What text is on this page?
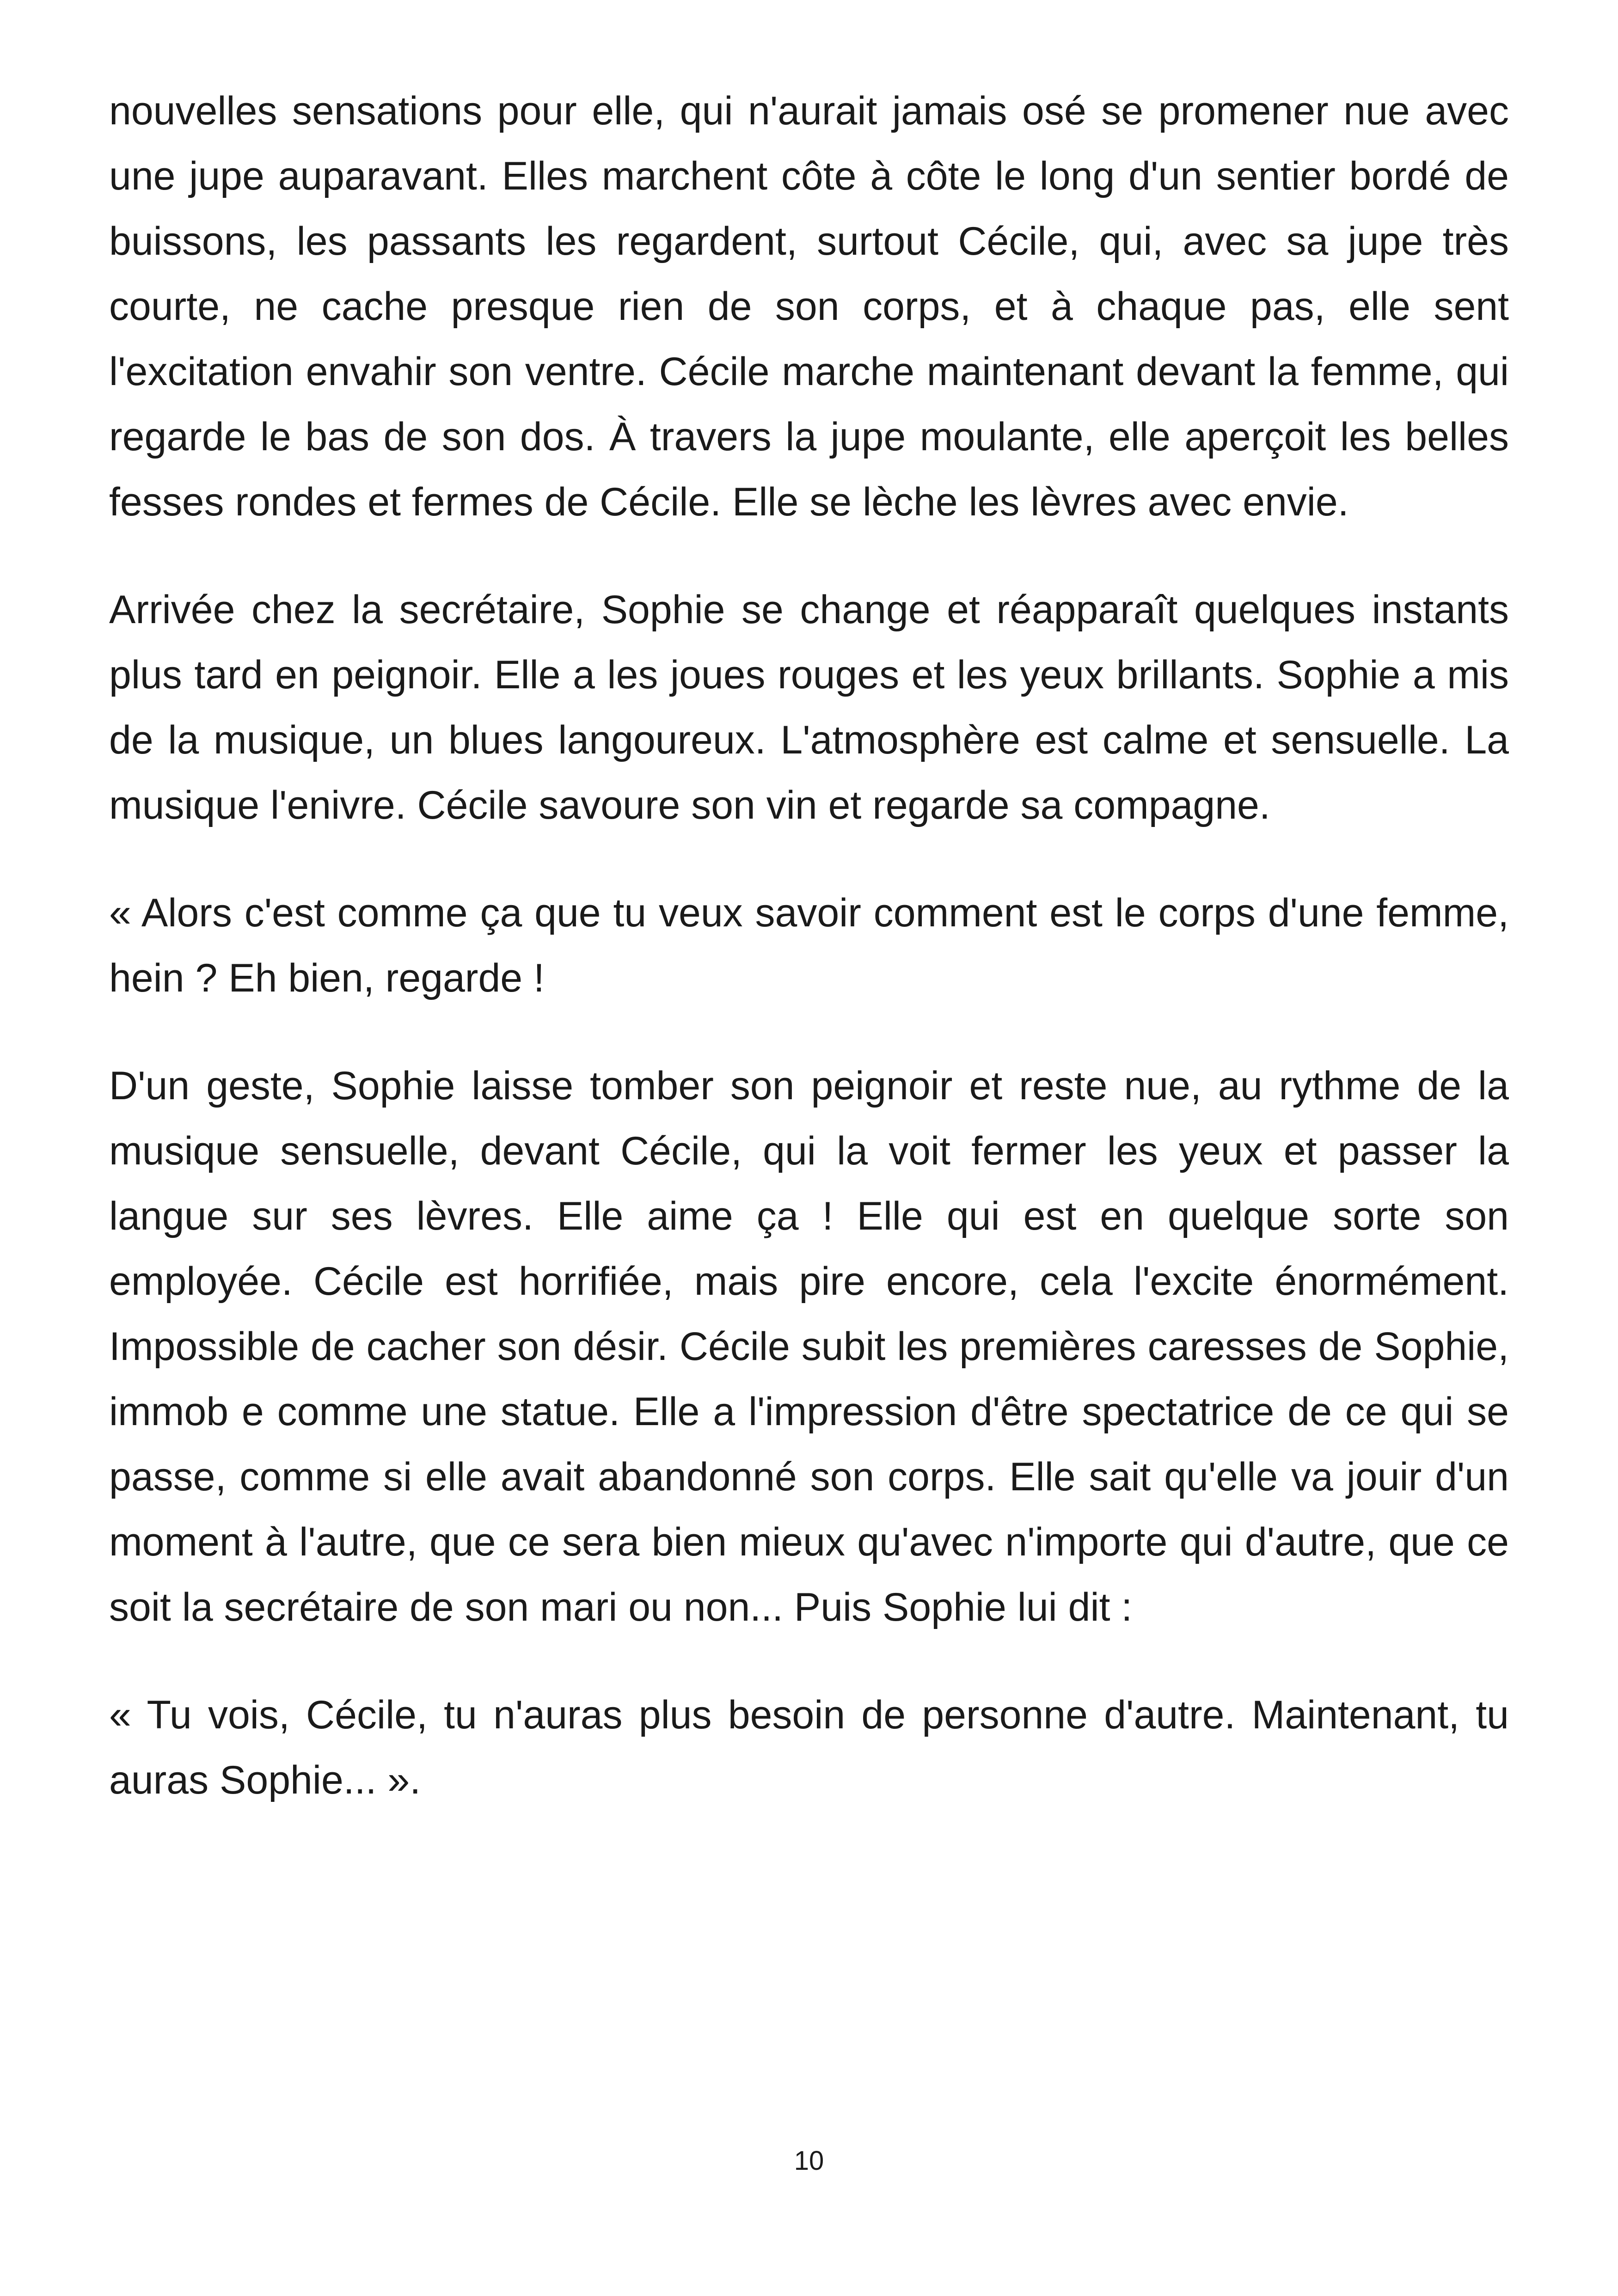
nouvelles sensations pour elle, qui n'aurait jamais osé se promener nue avec une jupe auparavant. Elles marchent côte à côte le long d'un sentier bordé de buissons, les passants les regardent, surtout Cécile, qui, avec sa jupe très courte, ne cache presque rien de son corps, et à chaque pas, elle sent l'excitation envahir son ventre. Cécile marche maintenant devant la femme, qui regarde le bas de son dos. À travers la jupe moulante, elle aperçoit les belles fesses rondes et fermes de Cécile. Elle se lèche les lèvres avec envie.

Arrivée chez la secrétaire, Sophie se change et réapparaît quelques instants plus tard en peignoir. Elle a les joues rouges et les yeux brillants. Sophie a mis de la musique, un blues langoureux. L'atmosphère est calme et sensuelle. La musique l'enivre. Cécile savoure son vin et regarde sa compagne.

« Alors c'est comme ça que tu veux savoir comment est le corps d'une femme, hein ? Eh bien, regarde !

D'un geste, Sophie laisse tomber son peignoir et reste nue, au rythme de la musique sensuelle, devant Cécile, qui la voit fermer les yeux et passer la langue sur ses lèvres. Elle aime ça ! Elle qui est en quelque sorte son employée. Cécile est horrifiée, mais pire encore, cela l'excite énormément. Impossible de cacher son désir. Cécile subit les premières caresses de Sophie, immob e comme une statue. Elle a l'impression d'être spectatrice de ce qui se passe, comme si elle avait abandonné son corps. Elle sait qu'elle va jouir d'un moment à l'autre, que ce sera bien mieux qu'avec n'importe qui d'autre, que ce soit la secrétaire de son mari ou non... Puis Sophie lui dit :

« Tu vois, Cécile, tu n'auras plus besoin de personne d'autre. Maintenant, tu auras Sophie... ».

10
